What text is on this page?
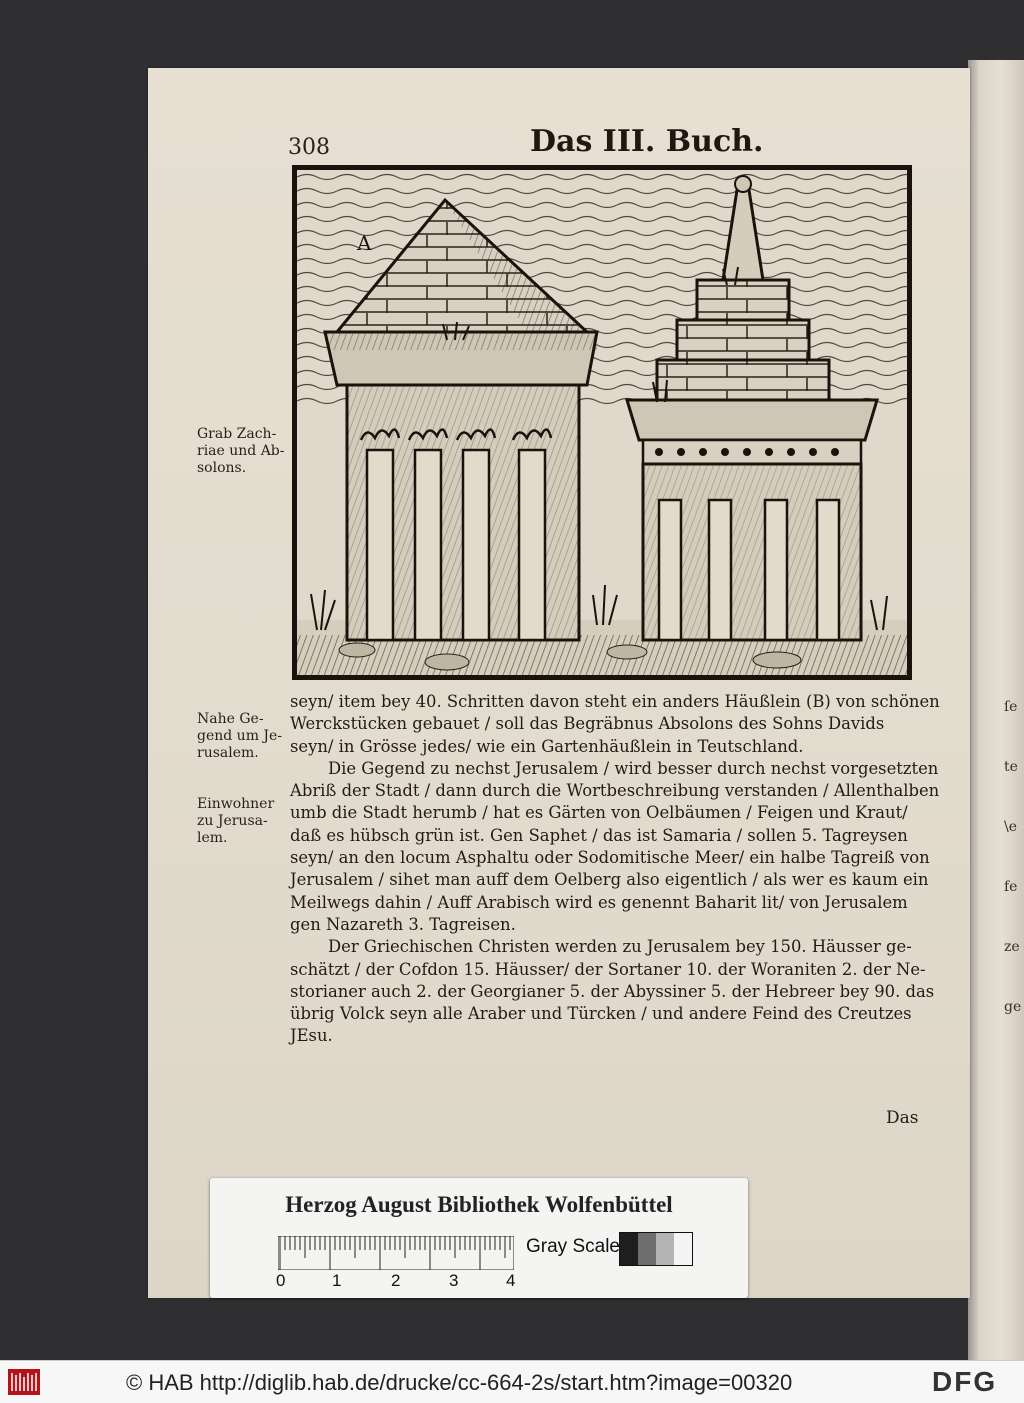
ſe
te
\e
fe
ze
ge
308	Das III. Buch.
A
Grab Zach-
riae und Ab-
solons.
Nahe Ge-
gend um Je-
rusalem.
Einwohner
zu Jerusa-
lem.
seyn/ item bey 40. Schritten davon steht ein anders Häußlein (B) von schönen
Werckstücken gebauet / soll das Begräbnus Absolons des Sohns Davids
seyn/ in Grösse jedes/ wie ein Gartenhäußlein in Teutschland.
Die Gegend zu nechst Jerusalem / wird besser durch nechst vorgesetzten
Abriß der Stadt / dann durch die Wortbeschreibung verstanden / Allenthalben
umb die Stadt herumb / hat es Gärten von Oelbäumen / Feigen und Kraut/
daß es hübsch grün ist. Gen Saphet / das ist Samaria / sollen 5. Tagreysen
seyn/ an den locum Asphaltu oder Sodomitische Meer/ ein halbe Tagreiß von
Jerusalem / sihet man auff dem Oelberg also eigentlich / als wer es kaum ein
Meilwegs dahin / Auff Arabisch wird es genennt Baharit lit/ von Jerusalem
gen Nazareth 3. Tagreisen.
Der Griechischen Christen werden zu Jerusalem bey 150. Häusser ge-
schätzt / der Cofdon 15. Häusser/ der Sortaner 10. der Woraniten 2. der Ne-
storianer auch 2. der Georgianer 5. der Abyssiner 5. der Hebreer bey 90. das
übrig Volck seyn alle Araber und Türcken / und andere Feind des Creutzes
JEsu.
Das
Herzog August Bibliothek Wolfenbüttel
0	1	2	3	4
Gray Scale
© HAB http://diglib.hab.de/drucke/cc-664-2s/start.htm?image=00320	DFG
